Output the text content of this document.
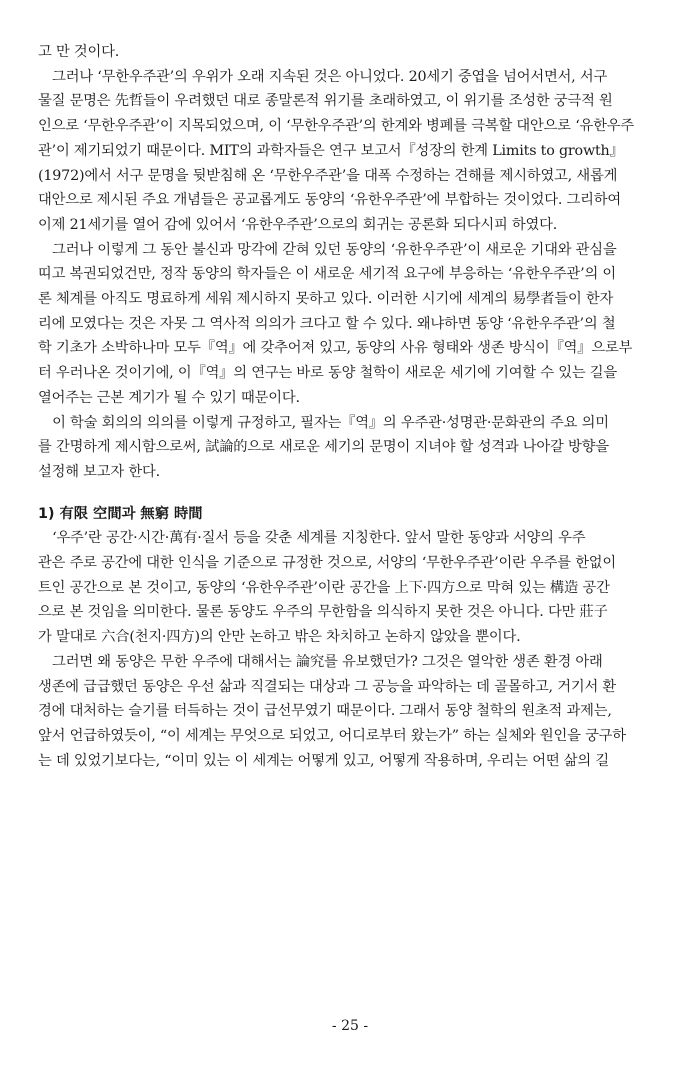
고 만 것이다.
　그러나 ‘무한우주관’의 우위가 오래 지속된 것은 아니었다. 20세기 중엽을 넘어서면서, 서구
물질 문명은 先哲들이 우려했던 대로 종말론적 위기를 초래하였고, 이 위기를 조성한 궁극적 원
인으로 ‘무한우주관’이 지목되었으며, 이 ‘무한우주관’의 한계와 병폐를 극복할 대안으로 ‘유한우주
관’이 제기되었기 때문이다. MIT의 과학자들은 연구 보고서『성장의 한계 Limits to growth』
(1972)에서 서구 문명을 뒷받침해 온 ‘무한우주관’을 대폭 수정하는 견해를 제시하였고, 새롭게
대안으로 제시된 주요 개념들은 공교롭게도 동양의 ‘유한우주관’에 부합하는 것이었다. 그리하여
이제 21세기를 열어 감에 있어서 ‘유한우주관’으로의 회귀는 공론화 되다시피 하였다.
　그러나 이렇게 그 동안 불신과 망각에 갇혀 있던 동양의 ‘유한우주관’이 새로운 기대와 관심을
띠고 복권되었건만, 정작 동양의 학자들은 이 새로운 세기적 요구에 부응하는 ‘유한우주관’의 이
론 체계를 아직도 명료하게 세워 제시하지 못하고 있다. 이러한 시기에 세계의 易學者들이 한자
리에 모였다는 것은 자못 그 역사적 의의가 크다고 할 수 있다. 왜냐하면 동양 ‘유한우주관’의 철
학 기초가 소박하나마 모두『역』에 갖추어져 있고, 동양의 사유 형태와 생존 방식이『역』으로부
터 우러나온 것이기에, 이『역』의 연구는 바로 동양 철학이 새로운 세기에 기여할 수 있는 길을
열어주는 근본 계기가 될 수 있기 때문이다.
　이 학술 회의의 의의를 이렇게 규정하고, 필자는『역』의 우주관·성명관·문화관의 주요 의미
를 간명하게 제시함으로써, 試論的으로 새로운 세기의 문명이 지녀야 할 성격과 나아갈 방향을
설정해 보고자 한다.
1) 有限 空間과 無窮 時間
　‘우주’란 공간·시간·萬有·질서 등을 갖춘 세계를 지칭한다. 앞서 말한 동양과 서양의 우주
관은 주로 공간에 대한 인식을 기준으로 규정한 것으로, 서양의 ‘무한우주관’이란 우주를 한없이
트인 공간으로 본 것이고, 동양의 ‘유한우주관’이란 공간을 上下·四方으로 막혀 있는 構造 공간
으로 본 것임을 의미한다. 물론 동양도 우주의 무한함을 의식하지 못한 것은 아니다. 다만 莊子
가 말대로 六合(천지·四方)의 안만 논하고 밖은 차치하고 논하지 않았을 뿐이다.
　그러면 왜 동양은 무한 우주에 대해서는 論究를 유보했던가? 그것은 열악한 생존 환경 아래
생존에 급급했던 동양은 우선 삶과 직결되는 대상과 그 공능을 파악하는 데 골몰하고, 거기서 환
경에 대처하는 슬기를 터득하는 것이 급선무였기 때문이다. 그래서 동양 철학의 원초적 과제는,
앞서 언급하였듯이, “이 세계는 무엇으로 되었고, 어디로부터 왔는가” 하는 실체와 원인을 궁구하
는 데 있었기보다는, “이미 있는 이 세계는 어떻게 있고, 어떻게 작용하며, 우리는 어떤 삶의 길
- 25 -
